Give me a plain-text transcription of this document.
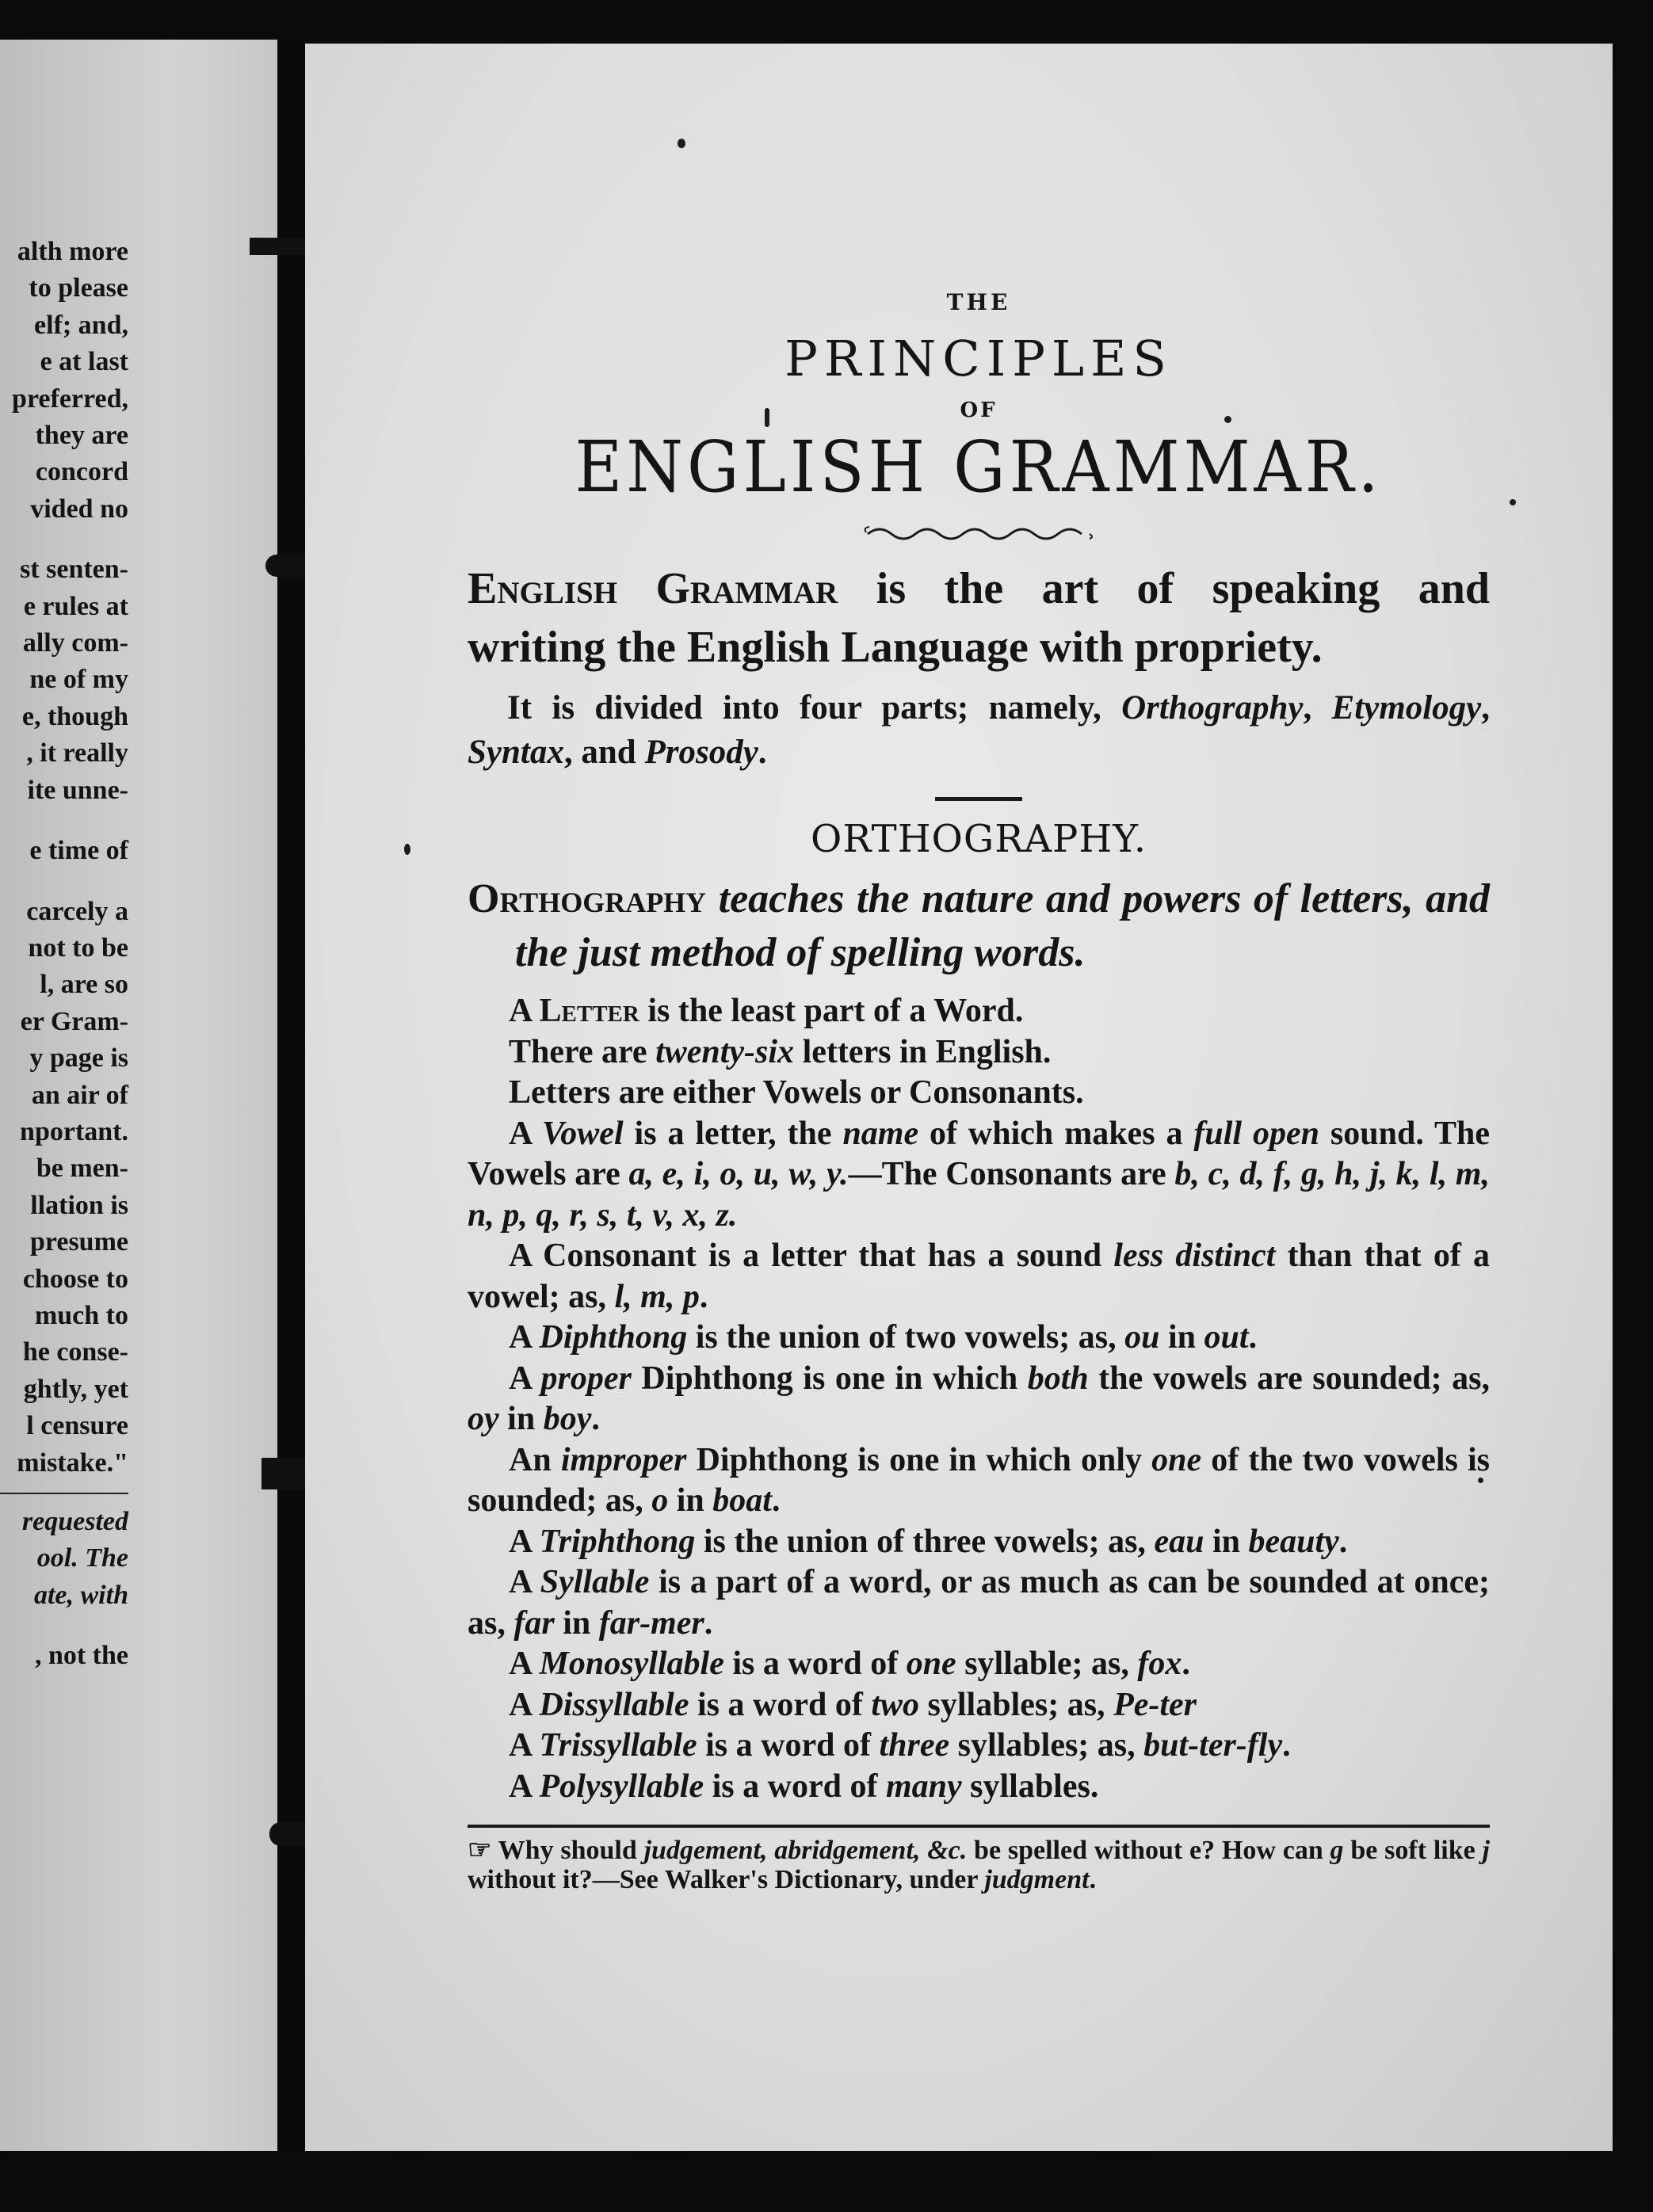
alth more
to please
elf; and,
e at last
preferred,
they are
concord
vided no
st senten-
e rules at
ally com-
ne of my
e, though
, it really
ite unne-
e time of
carcely a
not to be
l, are so
er Gram-
y page is
an air of
nportant.
be men-
llation is
presume
choose to
much to
he conse-
ghtly, yet
l censure
mistake."
requested
ool. The
ate, with
, not the
THE
PRINCIPLES
OF
ENGLISH GRAMMAR.
English Grammar is the art of speaking and
writing the English Language with propriety.
It is divided into four parts; namely, Orthography, Etymology, Syntax, and Prosody.
ORTHOGRAPHY.
Orthography teaches the nature and powers of letters, and the just method of spelling words.

A Letter is the least part of a Word.

There are twenty-six letters in English.

Letters are either Vowels or Consonants.

A Vowel is a letter, the name of which makes a full open sound. The Vowels are a, e, i, o, u, w, y.—The Consonants are b, c, d, f, g, h, j, k, l, m, n, p, q, r, s, t, v, x, z.

A Consonant is a letter that has a sound less distinct than that of a vowel; as, l, m, p.

A Diphthong is the union of two vowels; as, ou in out.

A proper Diphthong is one in which both the vowels are sounded; as, oy in boy.

An improper Diphthong is one in which only one of the two vowels is sounded; as, o in boat.

A Triphthong is the union of three vowels; as, eau in beauty.

A Syllable is a part of a word, or as much as can be sounded at once; as, far in far-mer.

A Monosyllable is a word of one syllable; as, fox.

A Dissyllable is a word of two syllables; as, Pe-ter

A Trissyllable is a word of three syllables; as, but-ter-fly.

A Polysyllable is a word of many syllables.

☞ Why should judgement, abridgement, &c. be spelled without e? How can g be soft like j without it?—See Walker's Dictionary, under judgment.
